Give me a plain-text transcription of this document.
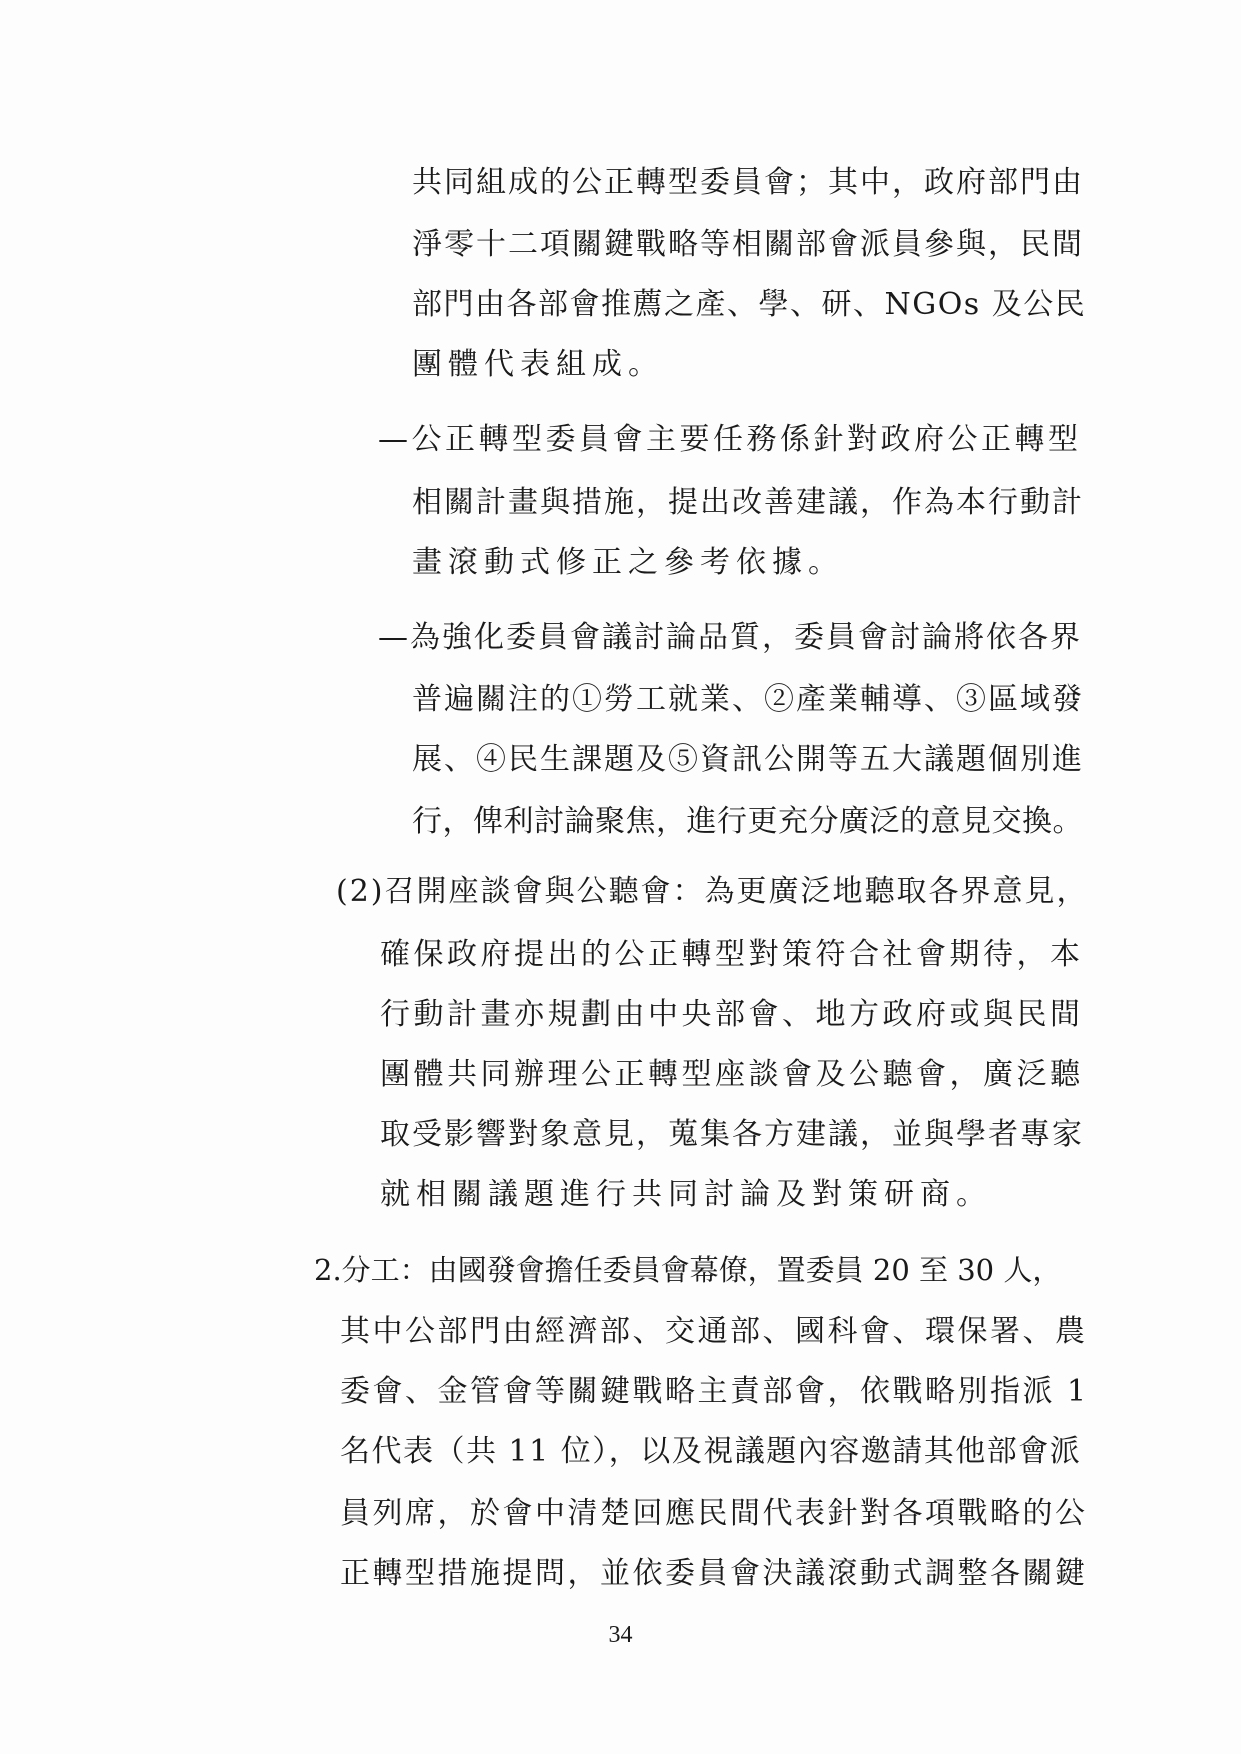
共同組成的公正轉型委員會；其中，政府部門由
淨零十二項關鍵戰略等相關部會派員參與，民間
部門由各部會推薦之產、學、研、NGOs 及公民
團體代表組成。
—公正轉型委員會主要任務係針對政府公正轉型
相關計畫與措施，提出改善建議，作為本行動計
畫滾動式修正之參考依據。
—為強化委員會議討論品質，委員會討論將依各界
普遍關注的①勞工就業、②產業輔導、③區域發
展、④民生課題及⑤資訊公開等五大議題個別進
行，俾利討論聚焦，進行更充分廣泛的意見交換。
(2)召開座談會與公聽會：為更廣泛地聽取各界意見，
確保政府提出的公正轉型對策符合社會期待，本
行動計畫亦規劃由中央部會、地方政府或與民間
團體共同辦理公正轉型座談會及公聽會，廣泛聽
取受影響對象意見，蒐集各方建議，並與學者專家
就相關議題進行共同討論及對策研商。
2.分工：由國發會擔任委員會幕僚，置委員 20 至 30 人，
其中公部門由經濟部、交通部、國科會、環保署、農
委會、金管會等關鍵戰略主責部會，依戰略別指派 1
名代表（共 11 位），以及視議題內容邀請其他部會派
員列席，於會中清楚回應民間代表針對各項戰略的公
正轉型措施提問，並依委員會決議滾動式調整各關鍵
34
